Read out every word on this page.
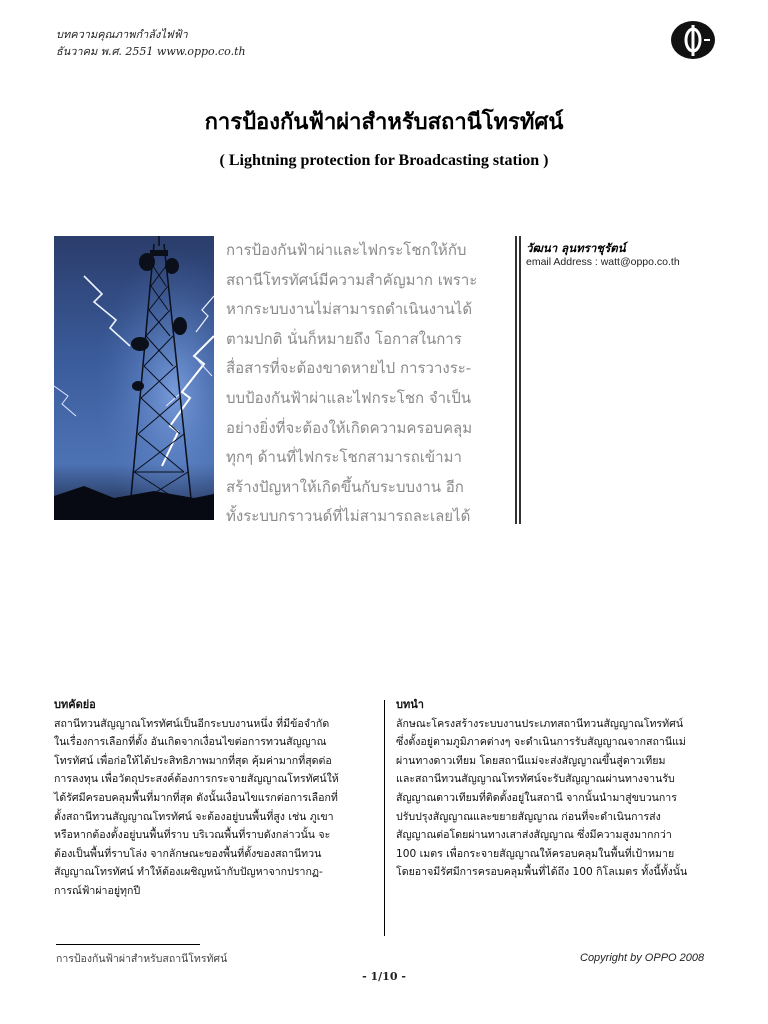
บทความคุณภาพกำลังไฟฟ้า
ธันวาคม พ.ศ. 2551 www.oppo.co.th
การป้องกันฟ้าผ่าสำหรับสถานีโทรทัศน์
( Lightning protection for Broadcasting station )
การป้องกันฟ้าผ่าและไฟกระโชกให้กับ
สถานีโทรทัศน์มีความสำคัญมาก เพราะ
หากระบบงานไม่สามารถดำเนินงานได้
ตามปกติ นั่นก็หมายถึง โอกาสในการ
สื่อสารที่จะต้องขาดหายไป การวางระ-
บบป้องกันฟ้าผ่าและไฟกระโชก จำเป็น
อย่างยิ่งที่จะต้องให้เกิดความครอบคลุม
ทุกๆ ด้านที่ไฟกระโชกสามารถเข้ามา
สร้างปัญหาให้เกิดขึ้นกับระบบงาน อีก
ทั้งระบบกราวนด์ที่ไม่สามารถละเลยได้
วัฒนา ลุนทราชุรัตน์
email Address : watt@oppo.co.th
บทคัดย่อ
สถานีทวนสัญญาณโทรทัศน์เป็นอีกระบบงานหนึ่ง ที่มีข้อจำกัด
ในเรื่องการเลือกที่ตั้ง อันเกิดจากเงื่อนไขต่อการทวนสัญญาณ
โทรทัศน์ เพื่อก่อให้ได้ประสิทธิภาพมากที่สุด คุ้มค่ามากที่สุดต่อ
การลงทุน เพื่อวัตถุประสงค์ต้องการกระจายสัญญาณโทรทัศน์ให้
ได้รัศมีครอบคลุมพื้นที่มากที่สุด ดังนั้นเงื่อนไขแรกต่อการเลือกที่
ตั้งสถานีทวนสัญญาณโทรทัศน์ จะต้องอยู่บนพื้นที่สูง เช่น ภูเขา
หรือหากต้องตั้งอยู่บนพื้นที่ราบ บริเวณพื้นที่ราบดังกล่าวนั้น จะ
ต้องเป็นพื้นที่ราบโล่ง จากลักษณะของพื้นที่ตั้งของสถานีทวน
สัญญาณโทรทัศน์ ทำให้ต้องเผชิญหน้ากับปัญหาจากปรากฏ-
การณ์ฟ้าผ่าอยู่ทุกปี
บทนำ
ลักษณะโครงสร้างระบบงานประเภทสถานีทวนสัญญาณโทรทัศน์
ซึ่งตั้งอยู่ตามภูมิภาคต่างๆ จะดำเนินการรับสัญญาณจากสถานีแม่
ผ่านทางดาวเทียม โดยสถานีแม่จะส่งสัญญาณขึ้นสู่ดาวเทียม
และสถานีทวนสัญญาณโทรทัศน์จะรับสัญญาณผ่านทางจานรับ
สัญญาณดาวเทียมที่ติดตั้งอยู่ในสถานี จากนั้นนำมาสู่ขบวนการ
ปรับปรุงสัญญาณและขยายสัญญาณ ก่อนที่จะดำเนินการส่ง
สัญญาณต่อโดยผ่านทางเสาส่งสัญญาณ ซึ่งมีความสูงมากกว่า
100 เมตร เพื่อกระจายสัญญาณให้ครอบคลุมในพื้นที่เป้าหมาย
โดยอาจมีรัศมีการครอบคลุมพื้นที่ได้ถึง 100 กิโลเมตร ทั้งนี้ทั้งนั้น
การป้องกันฟ้าผ่าสำหรับสถานีโทรทัศน์	Copyright by OPPO 2008
- 1/10 -
